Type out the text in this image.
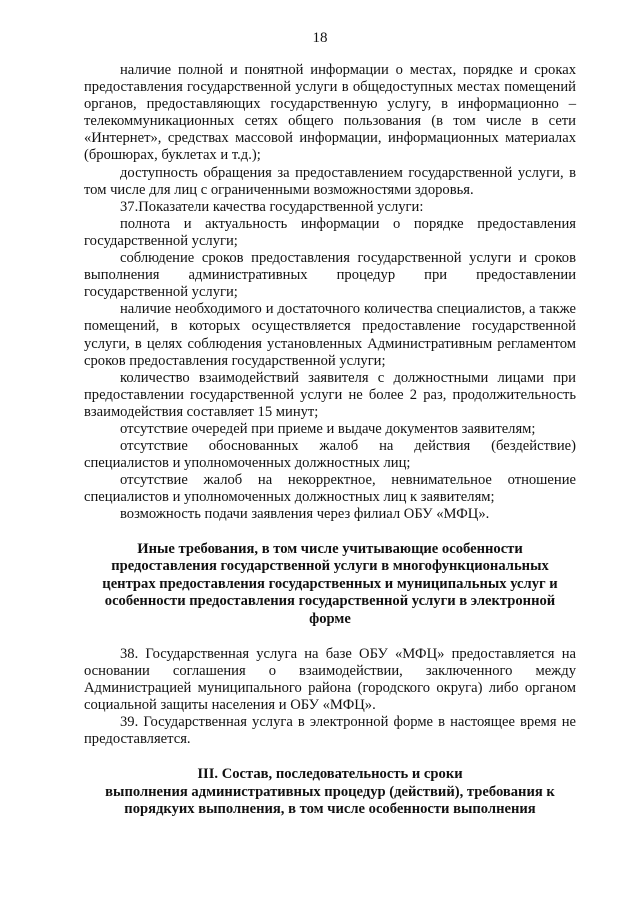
18

наличие полной и понятной информации о местах, порядке и сроках предоставления государственной услуги в общедоступных местах помещений органов, предоставляющих государственную услугу, в информационно – телекоммуникационных сетях общего пользования (в том числе в сети «Интернет», средствах массовой информации, информационных материалах (брошюрах, буклетах и т.д.);

доступность обращения за предоставлением государственной услуги, в том числе для лиц с ограниченными возможностями здоровья.

37.Показатели качества государственной услуги:

полнота и актуальность информации о порядке предоставления государственной услуги;

соблюдение сроков предоставления государственной услуги и сроков выполнения административных процедур при предоставлении государственной услуги;

наличие необходимого и достаточного количества специалистов, а также помещений, в которых осуществляется предоставление государственной услуги, в целях соблюдения установленных Административным регламентом сроков предоставления государственной услуги;

количество взаимодействий заявителя с должностными лицами при предоставлении государственной услуги не более 2 раз, продолжительность взаимодействия составляет 15 минут;

отсутствие очередей при приеме и выдаче документов заявителям;

отсутствие обоснованных жалоб на действия (бездействие) специалистов и уполномоченных должностных лиц;

отсутствие жалоб на некорректное, невнимательное отношение специалистов и уполномоченных должностных лиц к заявителям;

возможность подачи заявления через филиал ОБУ «МФЦ».

Иные требования, в том числе учитывающие особенности предоставления государственной услуги в многофункциональных центрах предоставления государственных и муниципальных услуг и особенности предоставления государственной услуги в электронной форме

38. Государственная услуга на базе ОБУ «МФЦ» предоставляется на основании соглашения о взаимодействии, заключенного между Администрацией муниципального района (городского округа) либо органом социальной защиты населения и ОБУ «МФЦ».

39. Государственная услуга в электронной форме в настоящее время не предоставляется.

III. Состав, последовательность и сроки

выполнения административных процедур (действий), требования к порядкуих выполнения, в том числе особенности выполнения
